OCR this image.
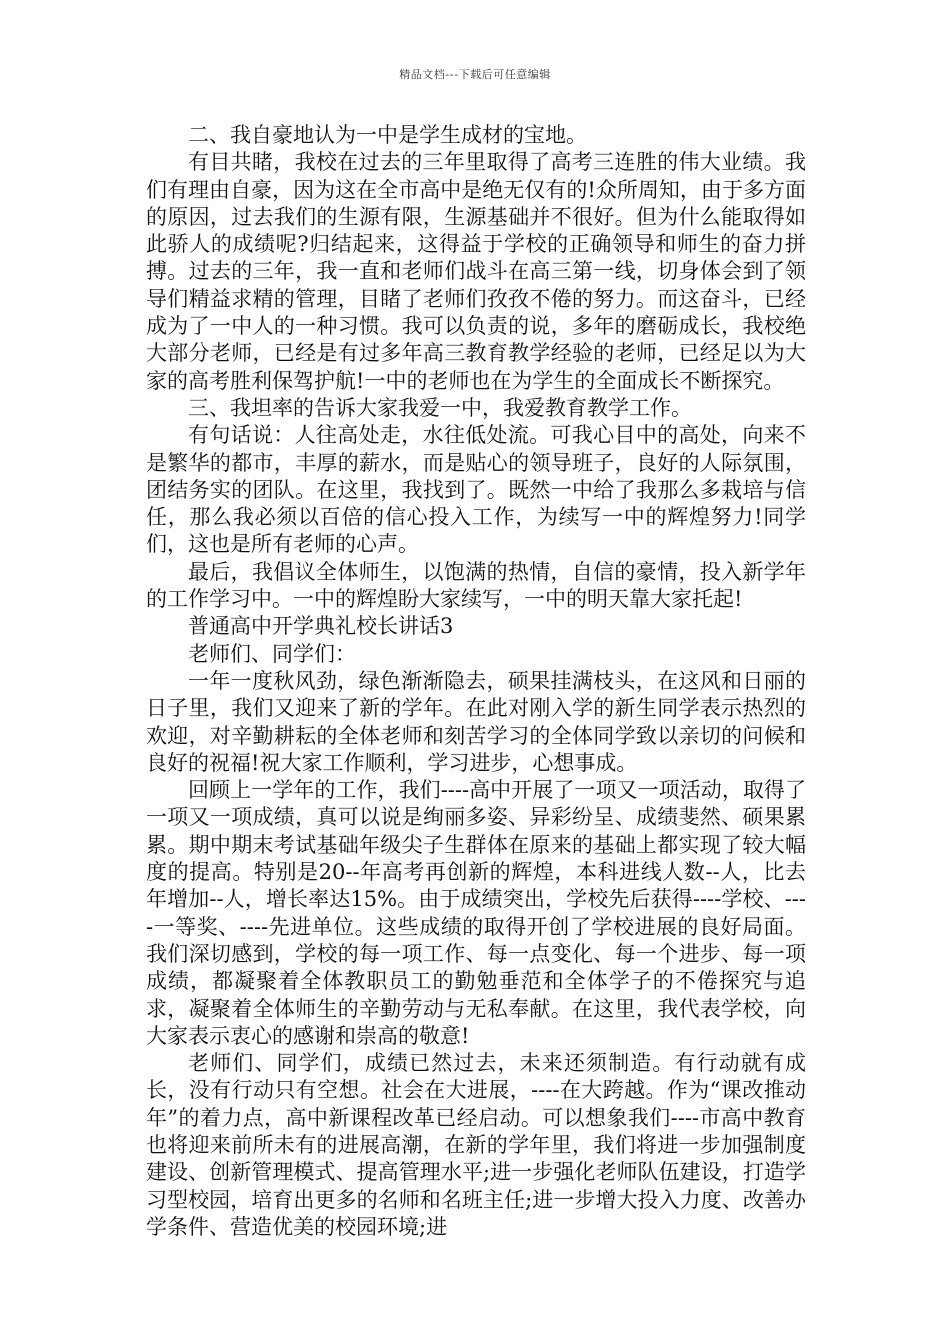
精品文档---下载后可任意编辑

二、我自豪地认为一中是学生成材的宝地。

有目共睹，我校在过去的三年里取得了高考三连胜的伟大业绩。我们有理由自豪，因为这在全市高中是绝无仅有的!众所周知，由于多方面的原因，过去我们的生源有限，生源基础并不很好。但为什么能取得如此骄人的成绩呢?归结起来，这得益于学校的正确领导和师生的奋力拼搏。过去的三年，我一直和老师们战斗在高三第一线，切身体会到了领导们精益求精的管理，目睹了老师们孜孜不倦的努力。而这奋斗，已经成为了一中人的一种习惯。我可以负责的说，多年的磨砺成长，我校绝大部分老师，已经是有过多年高三教育教学经验的老师，已经足以为大家的高考胜利保驾护航!一中的老师也在为学生的全面成长不断探究。

三、我坦率的告诉大家我爱一中，我爱教育教学工作。

有句话说：人往高处走，水往低处流。可我心目中的高处，向来不是繁华的都市，丰厚的薪水，而是贴心的领导班子，良好的人际氛围，团结务实的团队。在这里，我找到了。既然一中给了我那么多栽培与信任，那么我必须以百倍的信心投入工作，为续写一中的辉煌努力!同学们，这也是所有老师的心声。

最后，我倡议全体师生，以饱满的热情，自信的豪情，投入新学年的工作学习中。一中的辉煌盼大家续写，一中的明天靠大家托起!

普通高中开学典礼校长讲话3

老师们、同学们：

一年一度秋风劲，绿色渐渐隐去，硕果挂满枝头，在这风和日丽的日子里，我们又迎来了新的学年。在此对刚入学的新生同学表示热烈的欢迎，对辛勤耕耘的全体老师和刻苦学习的全体同学致以亲切的问候和良好的祝福!祝大家工作顺利，学习进步，心想事成。

回顾上一学年的工作，我们----高中开展了一项又一项活动，取得了一项又一项成绩，真可以说是绚丽多姿、异彩纷呈、成绩斐然、硕果累累。期中期末考试基础年级尖子生群体在原来的基础上都实现了较大幅度的提高。特别是20--年高考再创新的辉煌，本科进线人数--人，比去年增加--人，增长率达15%。由于成绩突出，学校先后获得----学校、----一等奖、----先进单位。这些成绩的取得开创了学校进展的良好局面。我们深切感到，学校的每一项工作、每一点变化、每一个进步、每一项成绩，都凝聚着全体教职员工的勤勉垂范和全体学子的不倦探究与追求，凝聚着全体师生的辛勤劳动与无私奉献。在这里，我代表学校，向大家表示衷心的感谢和崇高的敬意!

老师们、同学们，成绩已然过去，未来还须制造。有行动就有成长，没有行动只有空想。社会在大进展，----在大跨越。作为“课改推动年”的着力点，高中新课程改革已经启动。可以想象我们----市高中教育也将迎来前所未有的进展高潮，在新的学年里，我们将进一步加强制度建设、创新管理模式、提高管理水平;进一步强化老师队伍建设，打造学习型校园，培育出更多的名师和名班主任;进一步增大投入力度、改善办学条件、营造优美的校园环境;进
